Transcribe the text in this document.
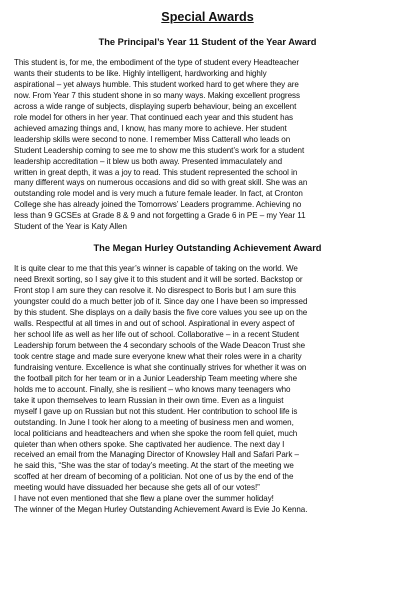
Special Awards
The Principal’s Year 11 Student of the Year Award
This student is, for me, the embodiment of the type of student every Headteacher
wants their students to be like. Highly intelligent, hardworking and highly
aspirational – yet always humble. This student worked hard to get where they are
now. From Year 7 this student shone in so many ways. Making excellent progress
across a wide range of subjects, displaying superb behaviour, being an excellent
role model for others in her year. That continued each year and this student has
achieved amazing things and, I know, has many more to achieve. Her student
leadership skills were second to none. I remember Miss Catterall who leads on
Student Leadership coming to see me to show me this student’s work for a student
leadership accreditation – it blew us both away. Presented immaculately and
written in great depth, it was a joy to read. This student represented the school in
many different ways on numerous occasions and did so with great skill. She was an
outstanding role model and is very much a future female leader. In fact, at Cronton
College she has already joined the Tomorrows’ Leaders programme. Achieving no
less than 9 GCSEs at Grade 8 & 9 and not forgetting a Grade 6 in PE – my Year 11
Student of the Year is Katy Allen
The Megan Hurley Outstanding Achievement Award
It is quite clear to me that this year’s winner is capable of taking on the world. We
need Brexit sorting, so I say give it to this student and it will be sorted. Backstop or
Front stop I am sure they can resolve it. No disrespect to Boris but I am sure this
youngster could do a much better job of it. Since day one I have been so impressed
by this student. She displays on a daily basis the five core values you see up on the
walls. Respectful at all times in and out of school. Aspirational in every aspect of
her school life as well as her life out of school. Collaborative – in a recent Student
Leadership forum between the 4 secondary schools of the Wade Deacon Trust she
took centre stage and made sure everyone knew what their roles were in a charity
fundraising venture. Excellence is what she continually strives for whether it was on
the football pitch for her team or in a Junior Leadership Team meeting where she
holds me to account. Finally, she is resilient – who knows many teenagers who
take it upon themselves to learn Russian in their own time. Even as a linguist
myself I gave up on Russian but not this student. Her contribution to school life is
outstanding. In June I took her along to a meeting of business men and women,
local politicians and headteachers and when she spoke the room fell quiet, much
quieter than when others spoke. She captivated her audience. The next day I
received an email from the Managing Director of Knowsley Hall and Safari Park –
he said this, “She was the star of today’s meeting. At the start of the meeting we
scoffed at her dream of becoming of a politician. Not one of us by the end of the
meeting would have dissuaded her because she gets all of our votes!”
I have not even mentioned that she flew a plane over the summer holiday!
The winner of the Megan Hurley Outstanding Achievement Award is Evie Jo Kenna.
